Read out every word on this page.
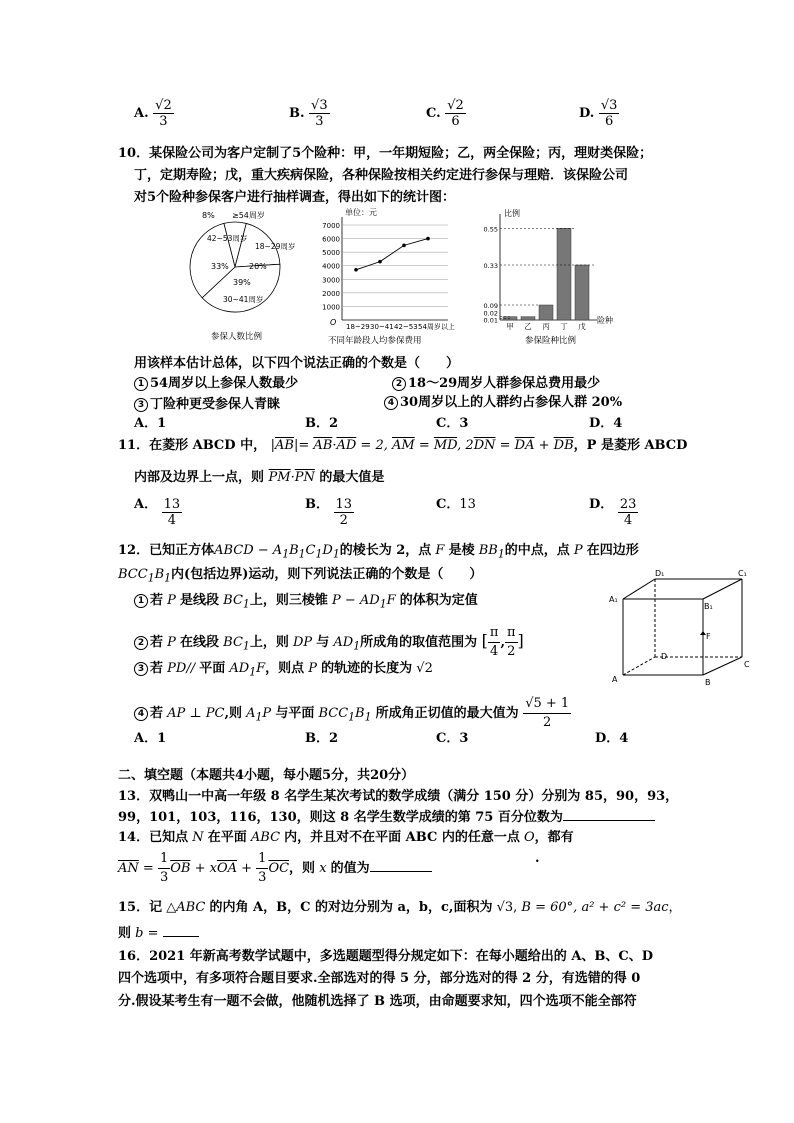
A. $\frac{√2}{3}$	B. $\frac{√3}{3}$	C. $\frac{√2}{6}$	D. $\frac{√3}{6}$
10．某保险公司为客户定制了5个险种：甲，一年期短险；乙，两全保险；丙，理财类保险；
丁，定期寿险；戊，重大疾病保险，各种保险按相关约定进行参保与理赔．该保险公司
对5个险种参保客户进行抽样调查，得出如下的统计图：
8% ≥54周岁
18~29周岁
20%
39%
30~41周岁
42~53周岁
33%
参保人数比例
单位：元
O
1000
2000
3000
4000
5000
6000
7000
18~29 30~41 42~53 54周岁以上
不同年龄段人均参保费用
比例
险种
0.01
0.02
0.09
0.33
0.55
甲 乙 丙 丁 戊
参保险种比例
用该样本估计总体，以下四个说法正确的个数是（　　）
1 54周岁以上参保人数最少	2 18～29周岁人群参保总费用最少
3 丁险种更受参保人青睐	4 30周岁以上的人群约占参保人群 20%
A．1	B．2	C．3	D．4
11．在菱形 ABCD 中， $|\overline{AB}|= \overline{AB}\cdot\overline{AD} = 2$, $\overline{AM} = \overline{MD}$, $2\overline{DN} = \overline{DA} + \overline{DB}$，P 是菱形 ABCD
内部及边界上一点，则 $\overline{PM}\cdot\overline{PN}$ 的最大值是
A． $\frac{13}{4}$	B． $\frac{13}{2}$	C．13	D． $\frac{23}{4}$
12．已知正方体ABCD − $A_1B_1C_1D_1$的棱长为 2，点 F 是棱 $BB_1$的中点，点 P 在四边形
$BCC_1B_1$内(包括边界)运动，则下列说法正确的个数是（　　）
1 若 P 是线段 $BC_1$上，则三棱锥 $P - AD_1F$ 的体积为定值
2 若 P 在线段 $BC_1$上，则 DP 与 $AD_1$所成角的取值范围为 [ $\frac{\pi}{4}$ , $\frac{\pi}{2}$ ]
3 若 PD// 平面 $AD_1F$，则点 P 的轨迹的长度为 √2
4 若 AP ⊥ PC,则 $A_1P$ 与平面 $BCC_1B_1$ 所成角正切值的最大值为 $\frac{√5 + 1}{2}$
A．1	B．2	C．3	D．4
D₁	C₁
A₁
B₁
F
D
C
A	B
二、填空题（本题共4小题，每小题5分，共20分）
13．双鸭山一中高一年级 8 名学生某次考试的数学成绩（满分 150 分）分别为 85，90，93，
99，101，103，116，130，则这 8 名学生数学成绩的第 75 百分位数为
14．已知点 N 在平面 ABC 内，并且对不在平面 ABC 内的任意一点 O，都有
$\overline{AN} = \frac{1}{3} \overline{OB} + x\overline{OA} + \frac{1}{3} \overline{OC}$，则 x 的值为
.
15．记 △ABC 的内角 A，B，C 的对边分别为 a，b，c,面积为 √3, B = 60°, a² + c² = 3ac，
则 b =
16．2021 年新高考数学试题中，多选题题型得分规定如下：在每小题给出的 A、B、C、D
四个选项中，有多项符合题目要求.全部选对的得 5 分，部分选对的得 2 分，有选错的得 0
分.假设某考生有一题不会做，他随机选择了 B 选项，由命题要求知，四个选项不能全部符
